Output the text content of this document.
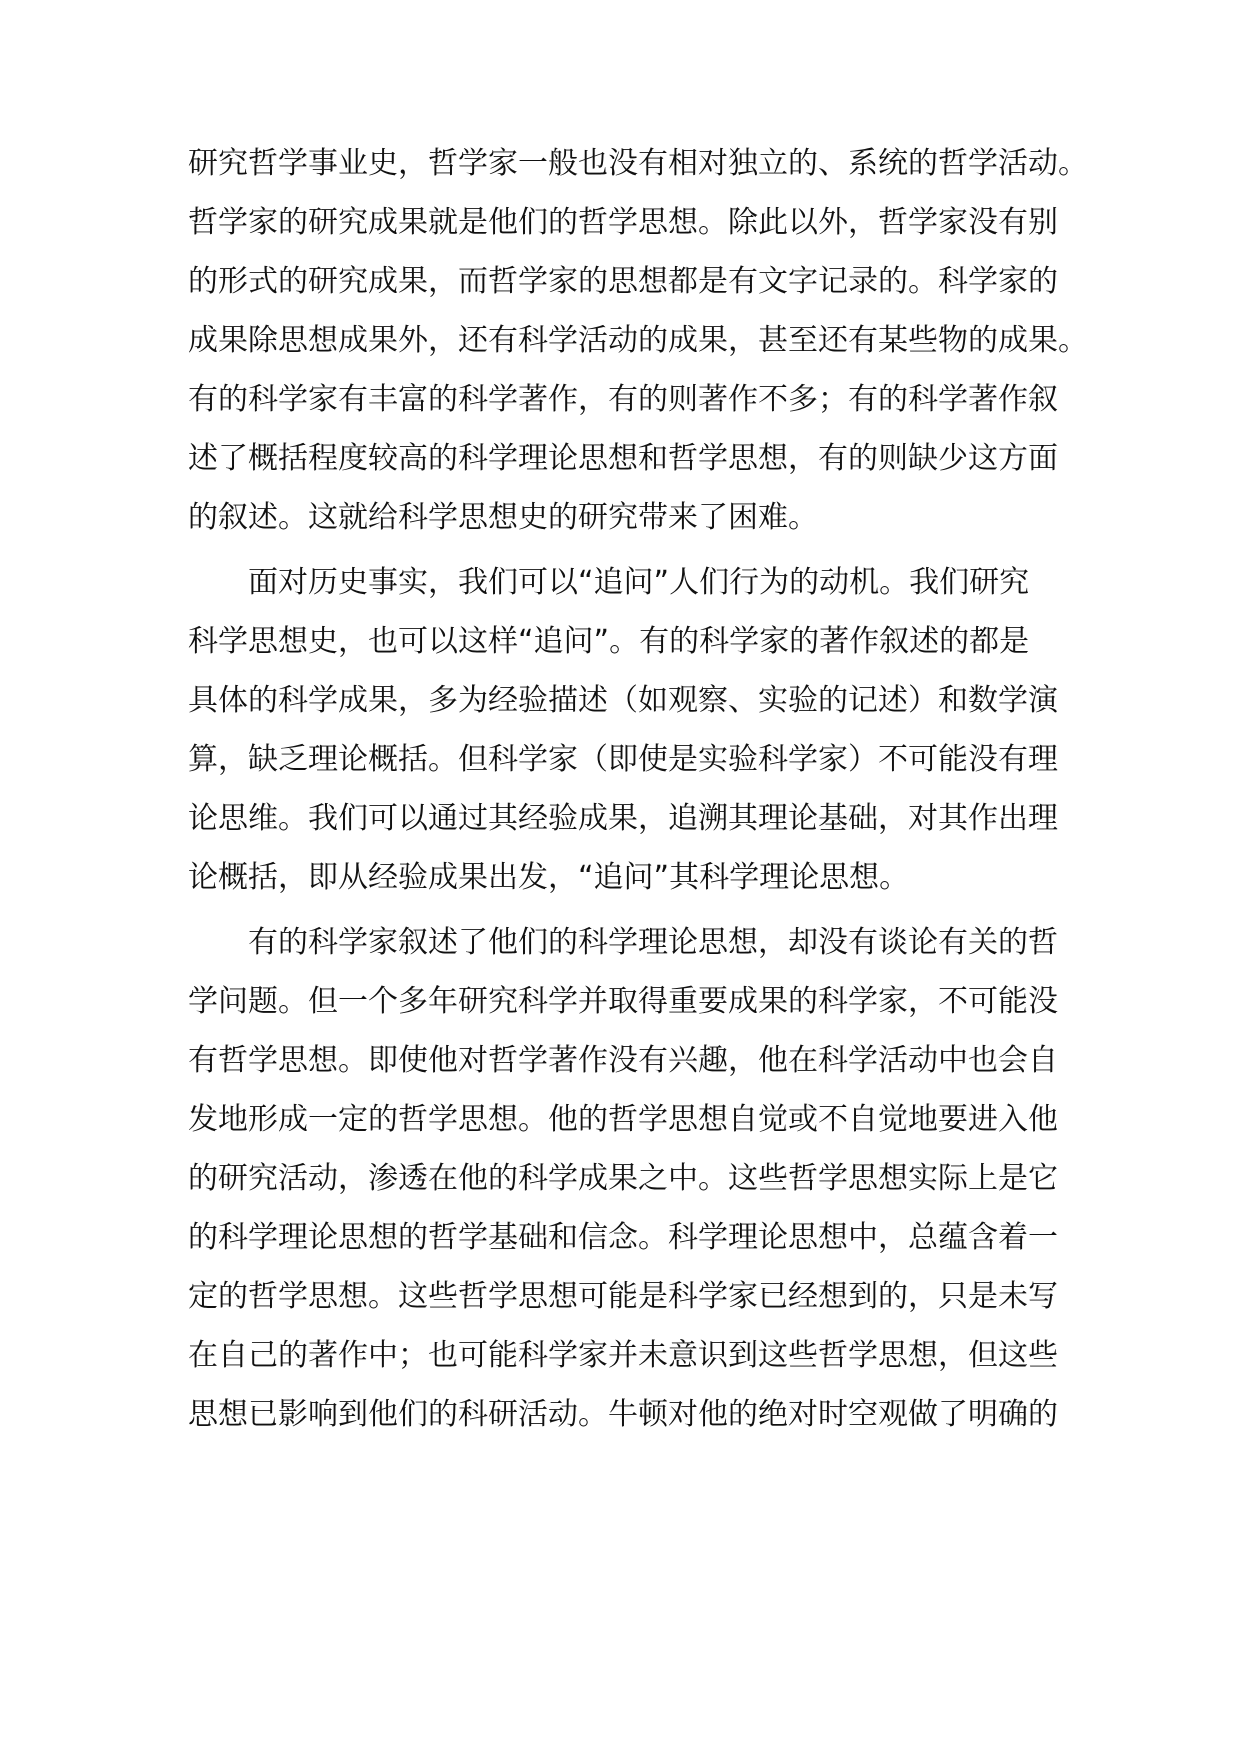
研究哲学事业史，哲学家一般也没有相对独立的、系统的哲学活动。
哲学家的研究成果就是他们的哲学思想。除此以外，哲学家没有别
的形式的研究成果，而哲学家的思想都是有文字记录的。科学家的
成果除思想成果外，还有科学活动的成果，甚至还有某些物的成果。
有的科学家有丰富的科学著作，有的则著作不多；有的科学著作叙
述了概括程度较高的科学理论思想和哲学思想，有的则缺少这方面
的叙述。这就给科学思想史的研究带来了困难。
面对历史事实，我们可以“追问”人们行为的动机。我们研究
科学思想史，也可以这样“追问”。有的科学家的著作叙述的都是
具体的科学成果，多为经验描述（如观察、实验的记述）和数学演
算，缺乏理论概括。但科学家（即使是实验科学家）不可能没有理
论思维。我们可以通过其经验成果，追溯其理论基础，对其作出理
论概括，即从经验成果出发，“追问”其科学理论思想。
有的科学家叙述了他们的科学理论思想，却没有谈论有关的哲
学问题。但一个多年研究科学并取得重要成果的科学家，不可能没
有哲学思想。即使他对哲学著作没有兴趣，他在科学活动中也会自
发地形成一定的哲学思想。他的哲学思想自觉或不自觉地要进入他
的研究活动，渗透在他的科学成果之中。这些哲学思想实际上是它
的科学理论思想的哲学基础和信念。科学理论思想中，总蕴含着一
定的哲学思想。这些哲学思想可能是科学家已经想到的，只是未写
在自己的著作中；也可能科学家并未意识到这些哲学思想，但这些
思想已影响到他们的科研活动。牛顿对他的绝对时空观做了明确的
